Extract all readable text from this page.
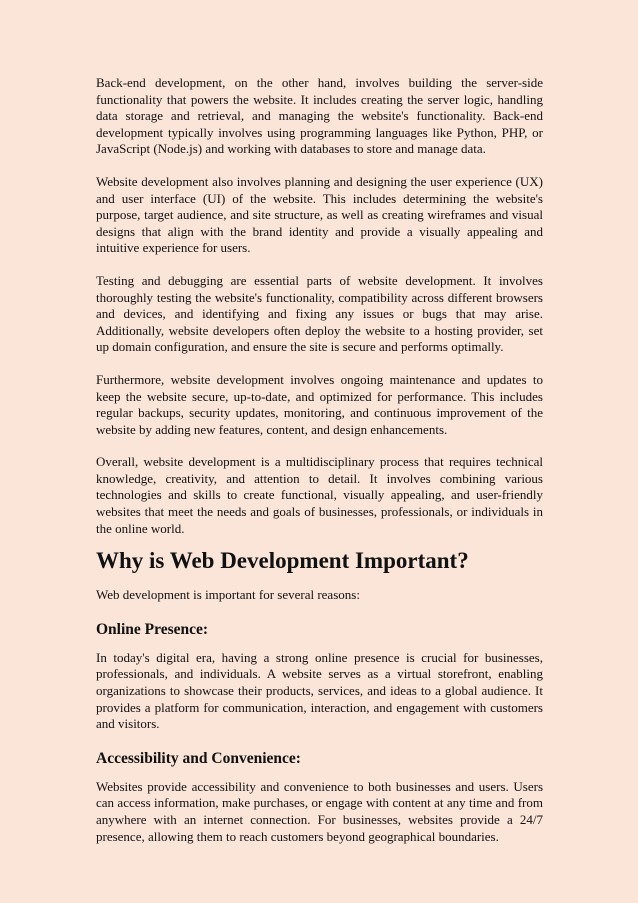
Back-end development, on the other hand, involves building the server-side functionality that powers the website. It includes creating the server logic, handling data storage and retrieval, and managing the website's functionality. Back-end development typically involves using programming languages like Python, PHP, or JavaScript (Node.js) and working with databases to store and manage data.

Website development also involves planning and designing the user experience (UX) and user interface (UI) of the website. This includes determining the website's purpose, target audience, and site structure, as well as creating wireframes and visual designs that align with the brand identity and provide a visually appealing and intuitive experience for users.

Testing and debugging are essential parts of website development. It involves thoroughly testing the website's functionality, compatibility across different browsers and devices, and identifying and fixing any issues or bugs that may arise. Additionally, website developers often deploy the website to a hosting provider, set up domain configuration, and ensure the site is secure and performs optimally.

Furthermore, website development involves ongoing maintenance and updates to keep the website secure, up-to-date, and optimized for performance. This includes regular backups, security updates, monitoring, and continuous improvement of the website by adding new features, content, and design enhancements.

Overall, website development is a multidisciplinary process that requires technical knowledge, creativity, and attention to detail. It involves combining various technologies and skills to create functional, visually appealing, and user-friendly websites that meet the needs and goals of businesses, professionals, or individuals in the online world.

Why is Web Development Important?

Web development is important for several reasons:

Online Presence:

In today's digital era, having a strong online presence is crucial for businesses, professionals, and individuals. A website serves as a virtual storefront, enabling organizations to showcase their products, services, and ideas to a global audience. It provides a platform for communication, interaction, and engagement with customers and visitors.

Accessibility and Convenience:

Websites provide accessibility and convenience to both businesses and users. Users can access information, make purchases, or engage with content at any time and from anywhere with an internet connection. For businesses, websites provide a 24/7 presence, allowing them to reach customers beyond geographical boundaries.
